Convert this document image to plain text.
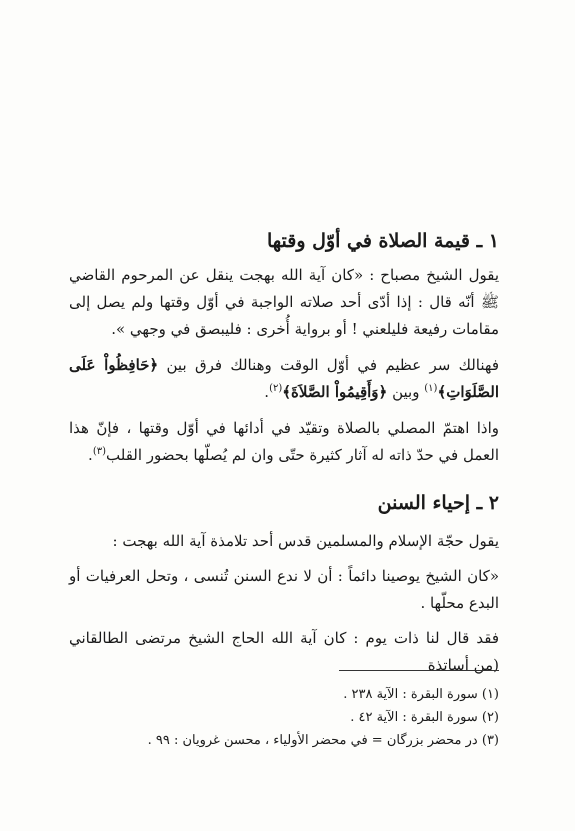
١ ـ قيمة الصلاة في أوّل وقتها

يقول الشيخ مصباح : «كان آية الله بهجت ينقل عن المرحوم القاضي ﷺ أنّه قال : إذا أدّى أحد صلاته الواجبة في أوّل وقتها ولم يصل إلى مقامات رفيعة فليلعني ! أو برواية أُخرى : فليبصق في وجهي ».

فهنالك سر عظيم في أوّل الوقت وهنالك فرق بين ﴿حَافِظُواْ عَلَى الصَّلَوَاتِ﴾$^{(١)}$ وبين ﴿وَأَقِيمُواْ الصَّلاَةَ﴾$^{(٢)}$.

واذا اهتمّ المصلي بالصلاة وتقيّد في أدائها في أوّل وقتها ، فإنّ هذا العمل في حدّ ذاته له آثار كثيرة حتّى وان لم يُصلّها بحضور القلب$^{(٣)}$.

٢ ـ إحياء السنن

يقول حجّة الإسلام والمسلمين قدس أحد تلامذة آية الله بهجت :

«كان الشيخ يوصينا دائماً : أن لا ندع السنن تُنسى ، وتحل العرفيات أو البدع محلّها .

فقد قال لنا ذات يوم : كان آية الله الحاج الشيخ مرتضى الطالقاني (من أساتذة

(١) سورة البقرة : الآية ٢٣٨ .

(٢) سورة البقرة : الآية ٤٢ .

(٣) در محضر بزرگان = في محضر الأولياء ، محسن غرويان : ٩٩ .
